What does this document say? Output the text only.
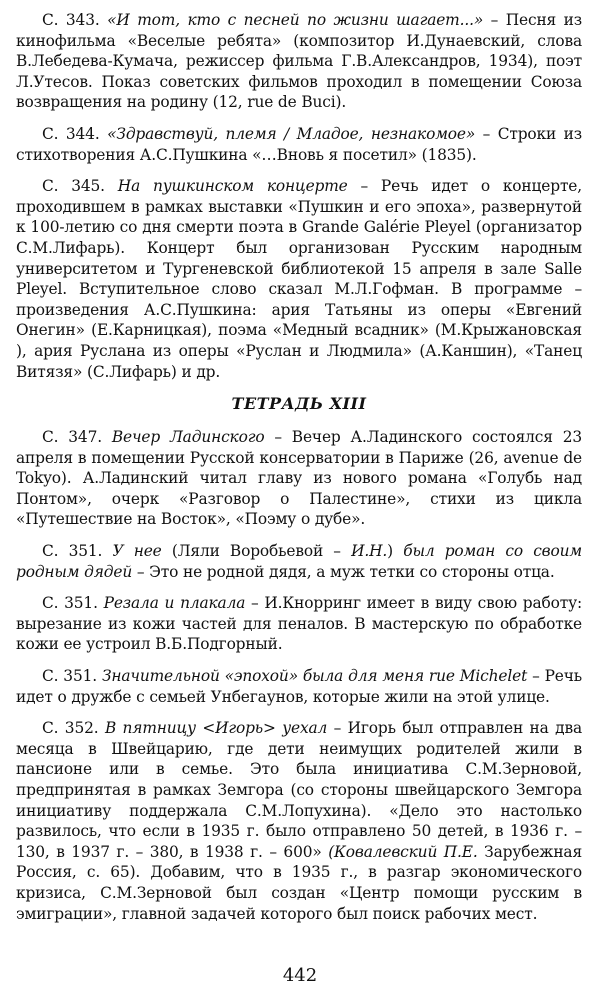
С. 343. «И тот, кто с песней по жизни шагает...» – Песня из кинофильма «Веселые ребята» (композитор И.Дунаевский, слова В.Лебедева-Кумача, режиссер фильма Г.В.Александров, 1934), поэт Л.Утесов. Показ советских фильмов проходил в помещении Союза возвращения на родину (12, rue de Buci).

С. 344. «Здравствуй, племя / Младое, незнакомое» – Строки из стихотворения А.С.Пушкина «…Вновь я посетил» (1835).

С. 345. На пушкинском концерте – Речь идет о концерте, проходившем в рамках выставки «Пушкин и его эпоха», развернутой к 100-летию со дня смерти поэта в Grande Galérie Pleyel (организатор С.М.Лифарь). Концерт был организован Русским народным университетом и Тургеневской библиотекой 15 апреля в зале Salle Pleyel. Вступительное слово сказал М.Л.Гофман. В программе – произведения А.С.Пушкина: ария Татьяны из оперы «Евгений Онегин» (Е.Карницкая), поэма «Медный всадник» (М.Крыжановская ), ария Руслана из оперы «Руслан и Людмила» (А.Каншин), «Танец Витязя» (С.Лифарь) и др.

ТЕТРАДЬ XIII

С. 347. Вечер Ладинского – Вечер А.Ладинского состоялся 23 апреля в помещении Русской консерватории в Париже (26, avenue de Tokyo). А.Ладинский читал главу из нового романа «Голубь над Понтом», очерк «Разговор о Палестине», стихи из цикла «Путешествие на Восток», «Поэму о дубе».

С. 351. У нее (Ляли Воробьевой – И.Н.) был роман со своим родным дядей – Это не родной дядя, а муж тетки со стороны отца.

С. 351. Резала и плакала – И.Кнорринг имеет в виду свою работу: вырезание из кожи частей для пеналов. В мастерскую по обработке кожи ее устроил В.Б.Подгорный.

С. 351. Значительной «эпохой» была для меня rue Michelet – Речь идет о дружбе с семьей Унбегаунов, которые жили на этой улице.

С. 352. В пятницу <Игорь> уехал – Игорь был отправлен на два месяца в Швейцарию, где дети неимущих родителей жили в пансионе или в семье. Это была инициатива С.М.Зерновой, предпринятая в рамках Земгора (со стороны швейцарского Земгора инициативу поддержала С.М.Лопухина). «Дело это настолько развилось, что если в 1935 г. было отправлено 50 детей, в 1936 г. – 130, в 1937 г. – 380, в 1938 г. – 600» (Ковалевский П.Е. Зарубежная Россия, с. 65). Добавим, что в 1935 г., в разгар экономического кризиса, С.М.Зерновой был создан «Центр помощи русским в эмиграции», главной задачей которого был поиск рабочих мест.

442
